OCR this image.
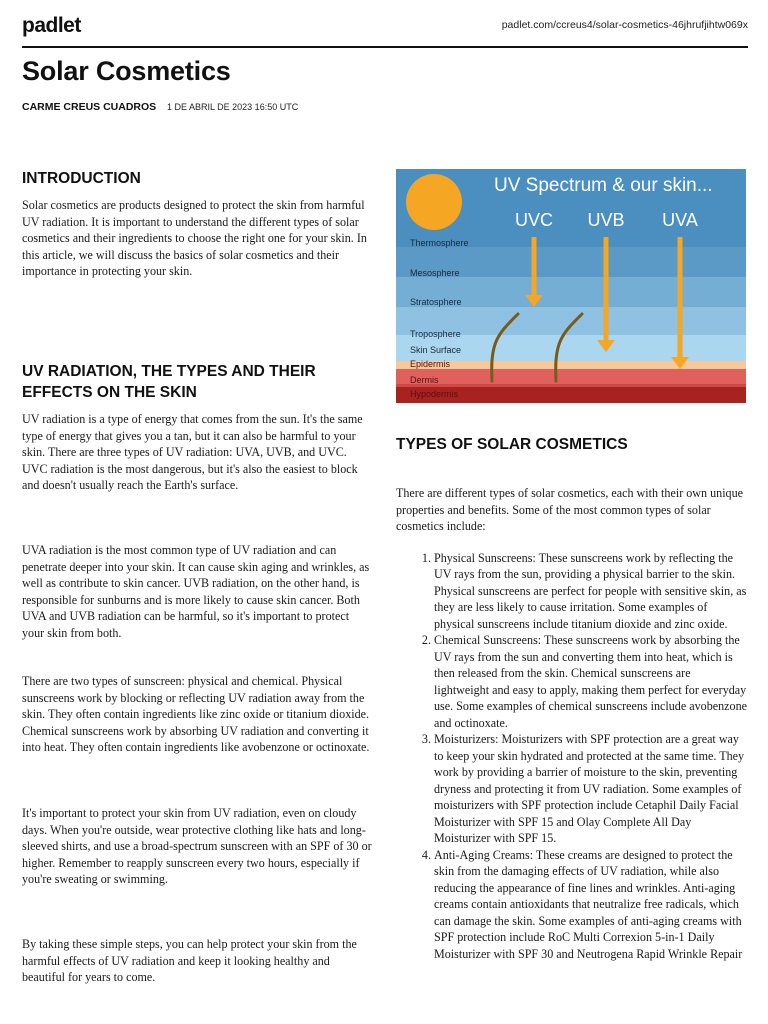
padlet	padlet.com/ccreus4/solar-cosmetics-46jhrufjihtw069x
Solar Cosmetics
CARME CREUS CUADROS 1 DE ABRIL DE 2023 16:50 UTC
INTRODUCTION

Solar cosmetics are products designed to protect the skin from harmful UV radiation. It is important to understand the different types of solar cosmetics and their ingredients to choose the right one for your skin. In this article, we will discuss the basics of solar cosmetics and their importance in protecting your skin.

UV RADIATION, THE TYPES AND THEIR EFFECTS ON THE SKIN

UV radiation is a type of energy that comes from the sun. It's the same type of energy that gives you a tan, but it can also be harmful to your skin. There are three types of UV radiation: UVA, UVB, and UVC. UVC radiation is the most dangerous, but it's also the easiest to block and doesn't usually reach the Earth's surface.

UVA radiation is the most common type of UV radiation and can penetrate deeper into your skin. It can cause skin aging and wrinkles, as well as contribute to skin cancer. UVB radiation, on the other hand, is responsible for sunburns and is more likely to cause skin cancer. Both UVA and UVB radiation can be harmful, so it's important to protect your skin from both.

There are two types of sunscreen: physical and chemical. Physical sunscreens work by blocking or reflecting UV radiation away from the skin. They often contain ingredients like zinc oxide or titanium dioxide. Chemical sunscreens work by absorbing UV radiation and converting it into heat. They often contain ingredients like avobenzone or octinoxate.

It's important to protect your skin from UV radiation, even on cloudy days. When you're outside, wear protective clothing like hats and long-sleeved shirts, and use a broad-spectrum sunscreen with an SPF of 30 or higher. Remember to reapply sunscreen every two hours, especially if you're sweating or swimming.

By taking these simple steps, you can help protect your skin from the harmful effects of UV radiation and keep it looking healthy and beautiful for years to come.

UV Spectrum & our skin...
UVC UVB UVA
Thermosphere
Mesosphere
Stratosphere
Troposphere
Skin Surface
Epidermis
Dermis
Hypodermis
TYPES OF SOLAR COSMETICS

There are different types of solar cosmetics, each with their own unique properties and benefits. Some of the most common types of solar cosmetics include:

1. Physical Sunscreens: These sunscreens work by reflecting the UV rays from the sun, providing a physical barrier to the skin. Physical sunscreens are perfect for people with sensitive skin, as they are less likely to cause irritation. Some examples of physical sunscreens include titanium dioxide and zinc oxide.
2. Chemical Sunscreens: These sunscreens work by absorbing the UV rays from the sun and converting them into heat, which is then released from the skin. Chemical sunscreens are lightweight and easy to apply, making them perfect for everyday use. Some examples of chemical sunscreens include avobenzone and octinoxate.
3. Moisturizers: Moisturizers with SPF protection are a great way to keep your skin hydrated and protected at the same time. They work by providing a barrier of moisture to the skin, preventing dryness and protecting it from UV radiation. Some examples of moisturizers with SPF protection include Cetaphil Daily Facial Moisturizer with SPF 15 and Olay Complete All Day Moisturizer with SPF 15.
4. Anti-Aging Creams: These creams are designed to protect the skin from the damaging effects of UV radiation, while also reducing the appearance of fine lines and wrinkles. Anti-aging creams contain antioxidants that neutralize free radicals, which can damage the skin. Some examples of anti-aging creams with SPF protection include RoC Multi Correxion 5-in-1 Daily Moisturizer with SPF 30 and Neutrogena Rapid Wrinkle Repair
